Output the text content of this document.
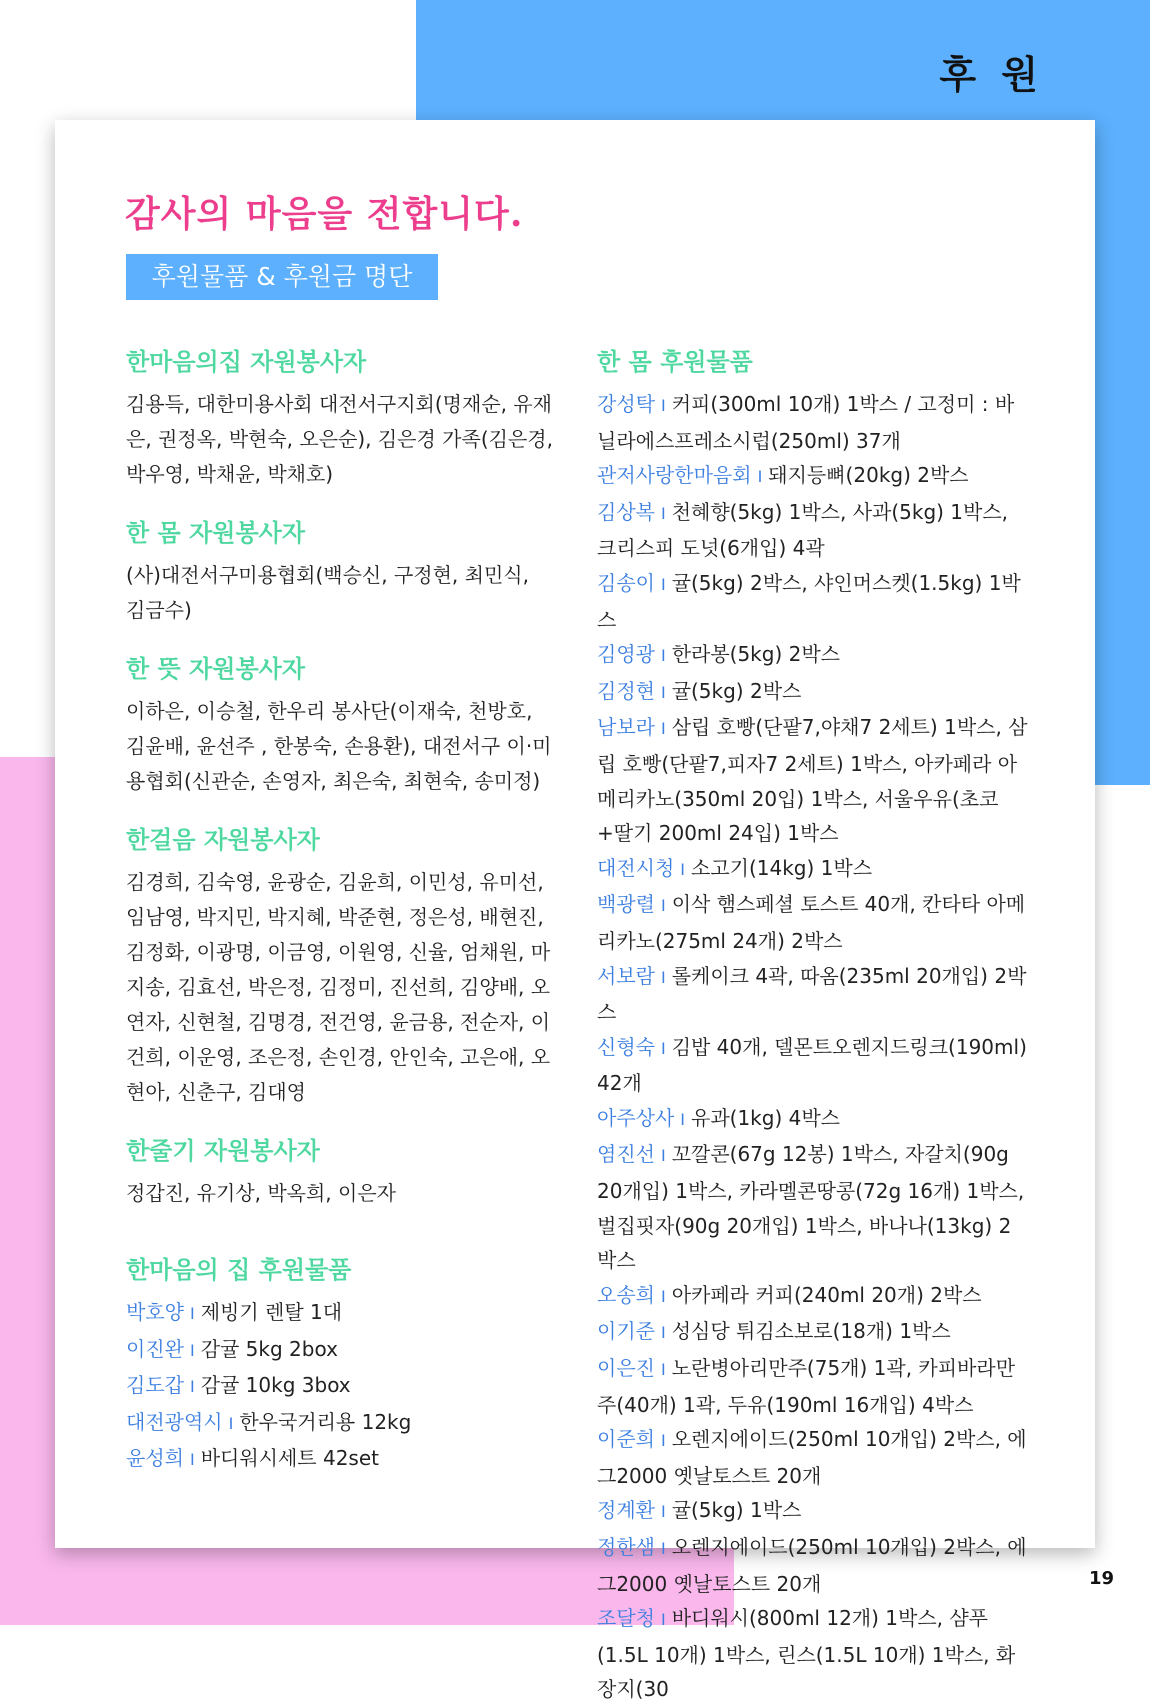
후 원
감사의 마음을 전합니다.
후원물품 & 후원금 명단
한마음의집 자원봉사자

김용득, 대한미용사회 대전서구지회(명재순, 유재은, 권정옥, 박현숙, 오은순), 김은경 가족(김은경, 박우영, 박채윤, 박채호)

한 몸 자원봉사자

(사)대전서구미용협회(백승신, 구정현, 최민식, 김금수)

한 뜻 자원봉사자

이하은, 이승철, 한우리 봉사단(이재숙, 천방호, 김윤배, 윤선주 , 한봉숙, 손용환), 대전서구 이·미용협회(신관순, 손영자, 최은숙, 최현숙, 송미정)

한걸음 자원봉사자

김경희, 김숙영, 윤광순, 김윤희, 이민성, 유미선, 임남영, 박지민, 박지혜, 박준현, 정은성, 배현진, 김정화, 이광명, 이금영, 이원영, 신율, 엄채원, 마지송, 김효선, 박은정, 김정미, 진선희, 김양배, 오연자, 신현철, 김명경, 전건영, 윤금용, 전순자, 이건희, 이운영, 조은정, 손인경, 안인숙, 고은애, 오현아, 신춘구, 김대영

한줄기 자원봉사자

정갑진, 유기상, 박옥희, 이은자

한마음의 집 후원물품

박호양 I 제빙기 렌탈 1대

이진완 I 감귤 5kg 2box

김도갑 I 감귤 10kg 3box

대전광역시 I 한우국거리용 12kg

윤성희 I 바디워시세트 42set

한 몸 후원물품

강성탁 I 커피(300ml 10개) 1박스 / 고정미 : 바닐라에스프레소시럽(250ml) 37개

관저사랑한마음회 I 돼지등뼈(20kg) 2박스

김상복 I 천혜향(5kg) 1박스, 사과(5kg) 1박스, 크리스피 도넛(6개입) 4곽

김송이 I 귤(5kg) 2박스, 샤인머스켓(1.5kg) 1박스

김영광 I 한라봉(5kg) 2박스

김정현 I 귤(5kg) 2박스

남보라 I 삼립 호빵(단팥7,야채7 2세트) 1박스, 삼립 호빵(단팥7,피자7 2세트) 1박스, 아카페라 아메리카노(350ml 20입) 1박스, 서울우유(초코+딸기 200ml 24입) 1박스

대전시청 I 소고기(14kg) 1박스

백광렬 I 이삭 햄스페셜 토스트 40개, 칸타타 아메리카노(275ml 24개) 2박스

서보람 I 롤케이크 4곽, 따옴(235ml 20개입) 2박스

신형숙 I 김밥 40개, 델몬트오렌지드링크(190ml) 42개

아주상사 I 유과(1kg) 4박스

염진선 I 꼬깔콘(67g 12봉) 1박스, 자갈치(90g 20개입) 1박스, 카라멜콘땅콩(72g 16개) 1박스, 벌집핏자(90g 20개입) 1박스, 바나나(13kg) 2박스

오송희 I 아카페라 커피(240ml 20개) 2박스

이기준 I 성심당 튀김소보로(18개) 1박스

이은진 I 노란병아리만주(75개) 1곽, 카피바라만주(40개) 1곽, 두유(190ml 16개입) 4박스

이준희 I 오렌지에이드(250ml 10개입) 2박스, 에그2000 옛날토스트 20개

정계환 I 귤(5kg) 1박스

정한샘 I 오렌지에이드(250ml 10개입) 2박스, 에그2000 옛날토스트 20개

조달청 I 바디워시(800ml 12개) 1박스, 샴푸(1.5L 10개) 1박스, 린스(1.5L 10개) 1박스, 화장지(30

19
